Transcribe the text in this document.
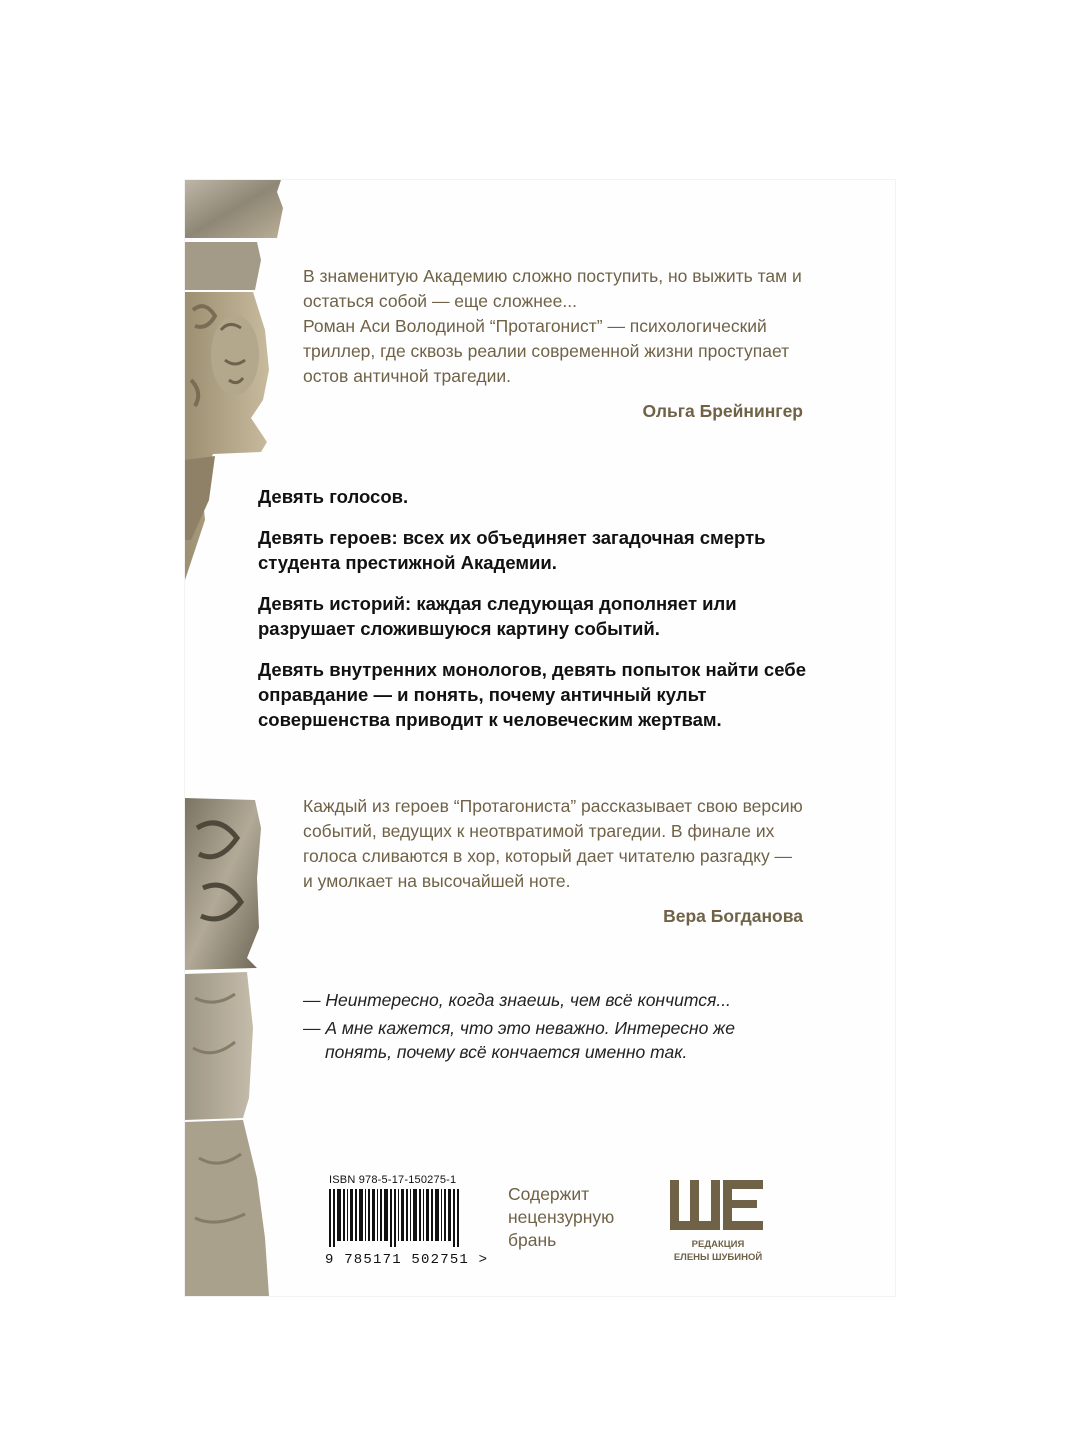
В знаменитую Академию сложно поступить, но выжить там и остаться собой — еще сложнее...

Роман Аси Володиной “Протагонист” — психологический триллер, где сквозь реалии современной жизни проступает остов античной трагедии.

Ольга Брейнингер

Девять голосов.

Девять героев: всех их объединяет загадочная смерть студента престижной Академии.

Девять историй: каждая следующая дополняет или разрушает сложившуюся картину событий.

Девять внутренних монологов, девять попыток найти себе оправдание — и понять, почему античный культ совершенства приводит к человеческим жертвам.

Каждый из героев “Протагониста” рассказывает свою версию событий, ведущих к неотвратимой трагедии. В финале их голоса сливаются в хор, который дает читателю разгадку — и умолкает на высочайшей ноте.

Вера Богданова
— Неинтересно, когда знаешь, чем всё кончится...
— А мне кажется, что это неважно. Интересно же понять, почему всё кончается именно так.
ISBN 978-5-17-150275-1
9 785171 502751 >
Содержит нецензурную брань	РЕДАКЦИЯ
ЕЛЕНЫ ШУБИНОЙ
